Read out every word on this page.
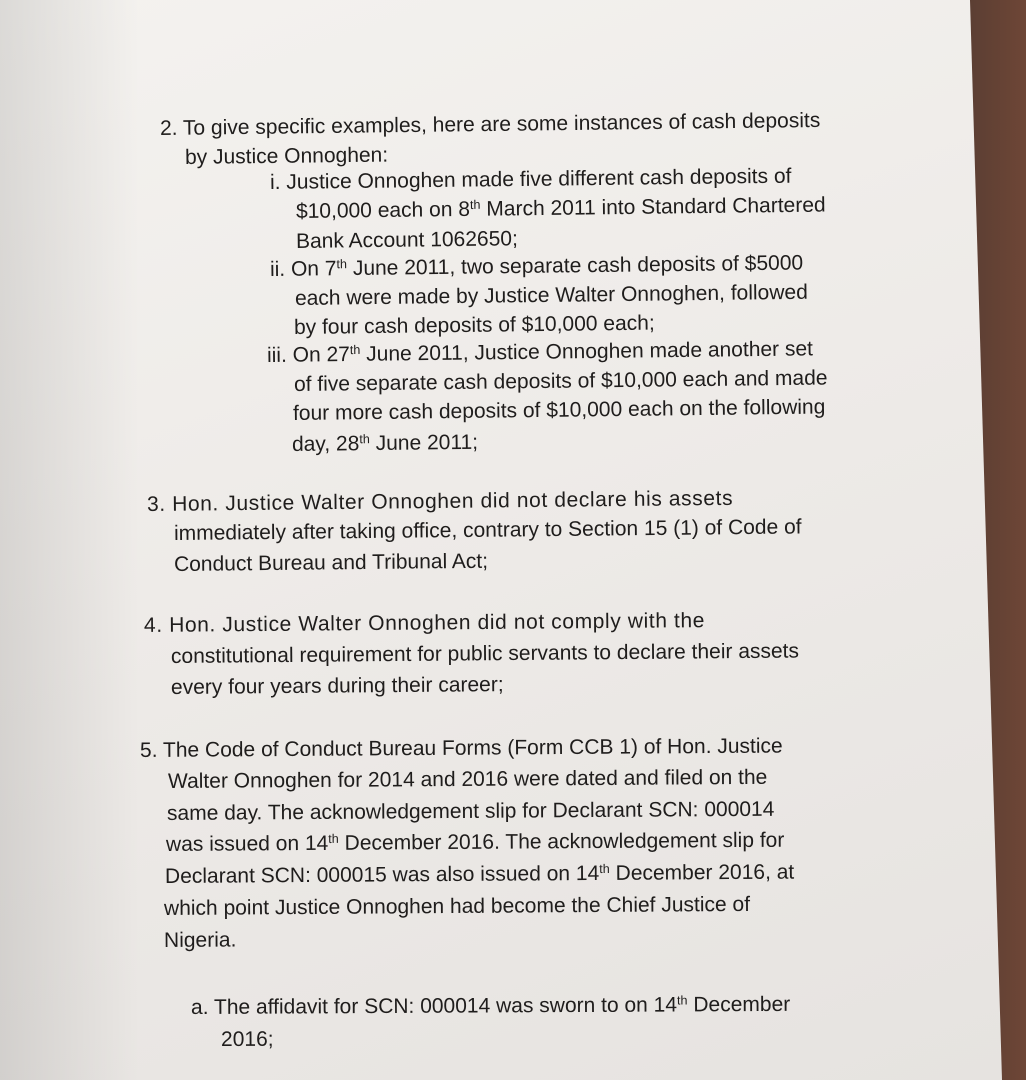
2. To give specific examples, here are some instances of cash deposits
by Justice Onnoghen:
i. Justice Onnoghen made five different cash deposits of
$10,000 each on 8th March 2011 into Standard Chartered
Bank Account 1062650;
ii. On 7th June 2011, two separate cash deposits of $5000
each were made by Justice Walter Onnoghen, followed
by four cash deposits of $10,000 each;
iii. On 27th June 2011, Justice Onnoghen made another set
of five separate cash deposits of $10,000 each and made
four more cash deposits of $10,000 each on the following
day, 28th June 2011;
3. Hon. Justice Walter Onnoghen did not declare his assets
immediately after taking office, contrary to Section 15 (1) of Code of
Conduct Bureau and Tribunal Act;
4. Hon. Justice Walter Onnoghen did not comply with the
constitutional requirement for public servants to declare their assets
every four years during their career;
5. The Code of Conduct Bureau Forms (Form CCB 1) of Hon. Justice
Walter Onnoghen for 2014 and 2016 were dated and filed on the
same day. The acknowledgement slip for Declarant SCN: 000014
was issued on 14th December 2016. The acknowledgement slip for
Declarant SCN: 000015 was also issued on 14th December 2016, at
which point Justice Onnoghen had become the Chief Justice of
Nigeria.
a. The affidavit for SCN: 000014 was sworn to on 14th December
2016;
